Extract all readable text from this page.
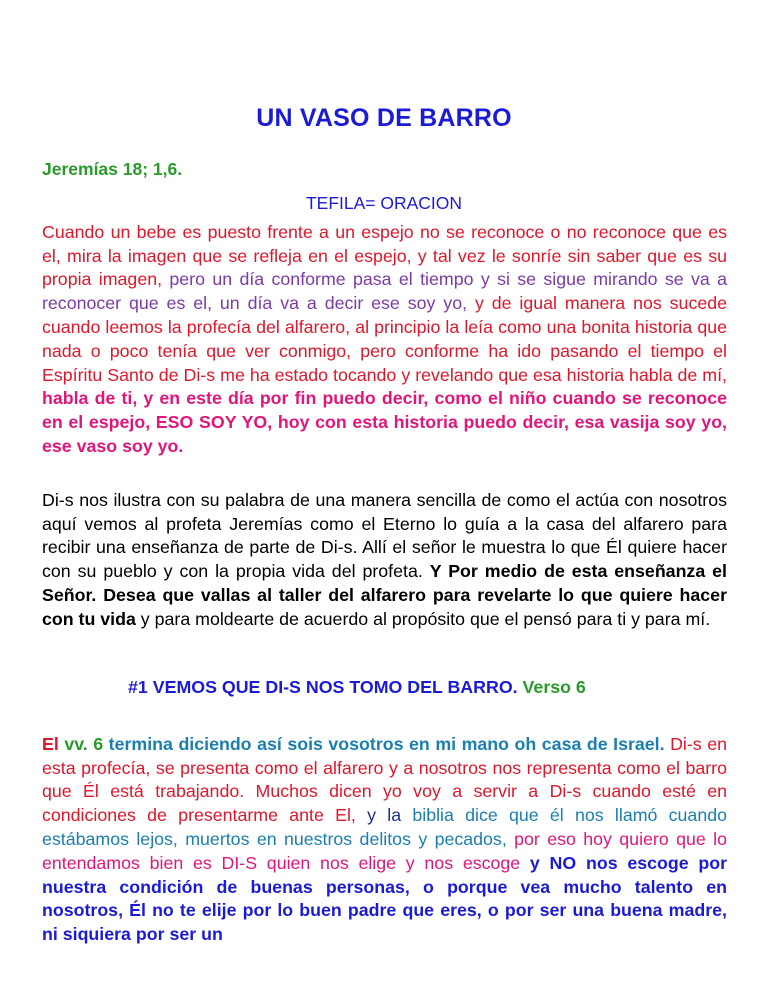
UN VASO DE BARRO
Jeremías 18; 1,6.
TEFILA= ORACION

Cuando un bebe es puesto frente a un espejo no se reconoce o no reconoce que es el, mira la imagen que se refleja en el espejo, y tal vez le sonríe sin saber que es su propia imagen, pero un día conforme pasa el tiempo y si se sigue mirando se va a reconocer que es el, un día va a decir ese soy yo, y de igual manera nos sucede cuando leemos la profecía del alfarero, al principio la leía como una bonita historia que nada o poco tenía que ver conmigo, pero conforme ha ido pasando el tiempo el Espíritu Santo de Di-s me ha estado tocando y revelando que esa historia habla de mí, habla de ti, y en este día por fin puedo decir, como el niño cuando se reconoce en el espejo, ESO SOY YO, hoy con esta historia puedo decir, esa vasija soy yo, ese vaso soy yo.

Di-s nos ilustra con su palabra de una manera sencilla de como el actúa con nosotros aquí vemos al profeta Jeremías como el Eterno lo guía a la casa del alfarero para recibir una enseñanza de parte de Di-s. Allí el señor le muestra lo que Él quiere hacer con su pueblo y con la propia vida del profeta. Y Por medio de esta enseñanza el Señor. Desea que vallas al taller del alfarero para revelarte lo que quiere hacer con tu vida y para moldearte de acuerdo al propósito que el pensó para ti y para mí.

#1 VEMOS QUE DI-S NOS TOMO DEL BARRO. Verso 6

El vv. 6 termina diciendo así sois vosotros en mi mano oh casa de Israel. Di-s en esta profecía, se presenta como el alfarero y a nosotros nos representa como el barro que Él está trabajando. Muchos dicen yo voy a servir a Di-s cuando esté en condiciones de presentarme ante El, y la biblia dice que él nos llamó cuando estábamos lejos, muertos en nuestros delitos y pecados, por eso hoy quiero que lo entendamos bien es DI-S quien nos elige y nos escoge y NO nos escoge por nuestra condición de buenas personas, o porque vea mucho talento en nosotros, Él no te elije por lo buen padre que eres, o por ser una buena madre, ni siquiera por ser un
